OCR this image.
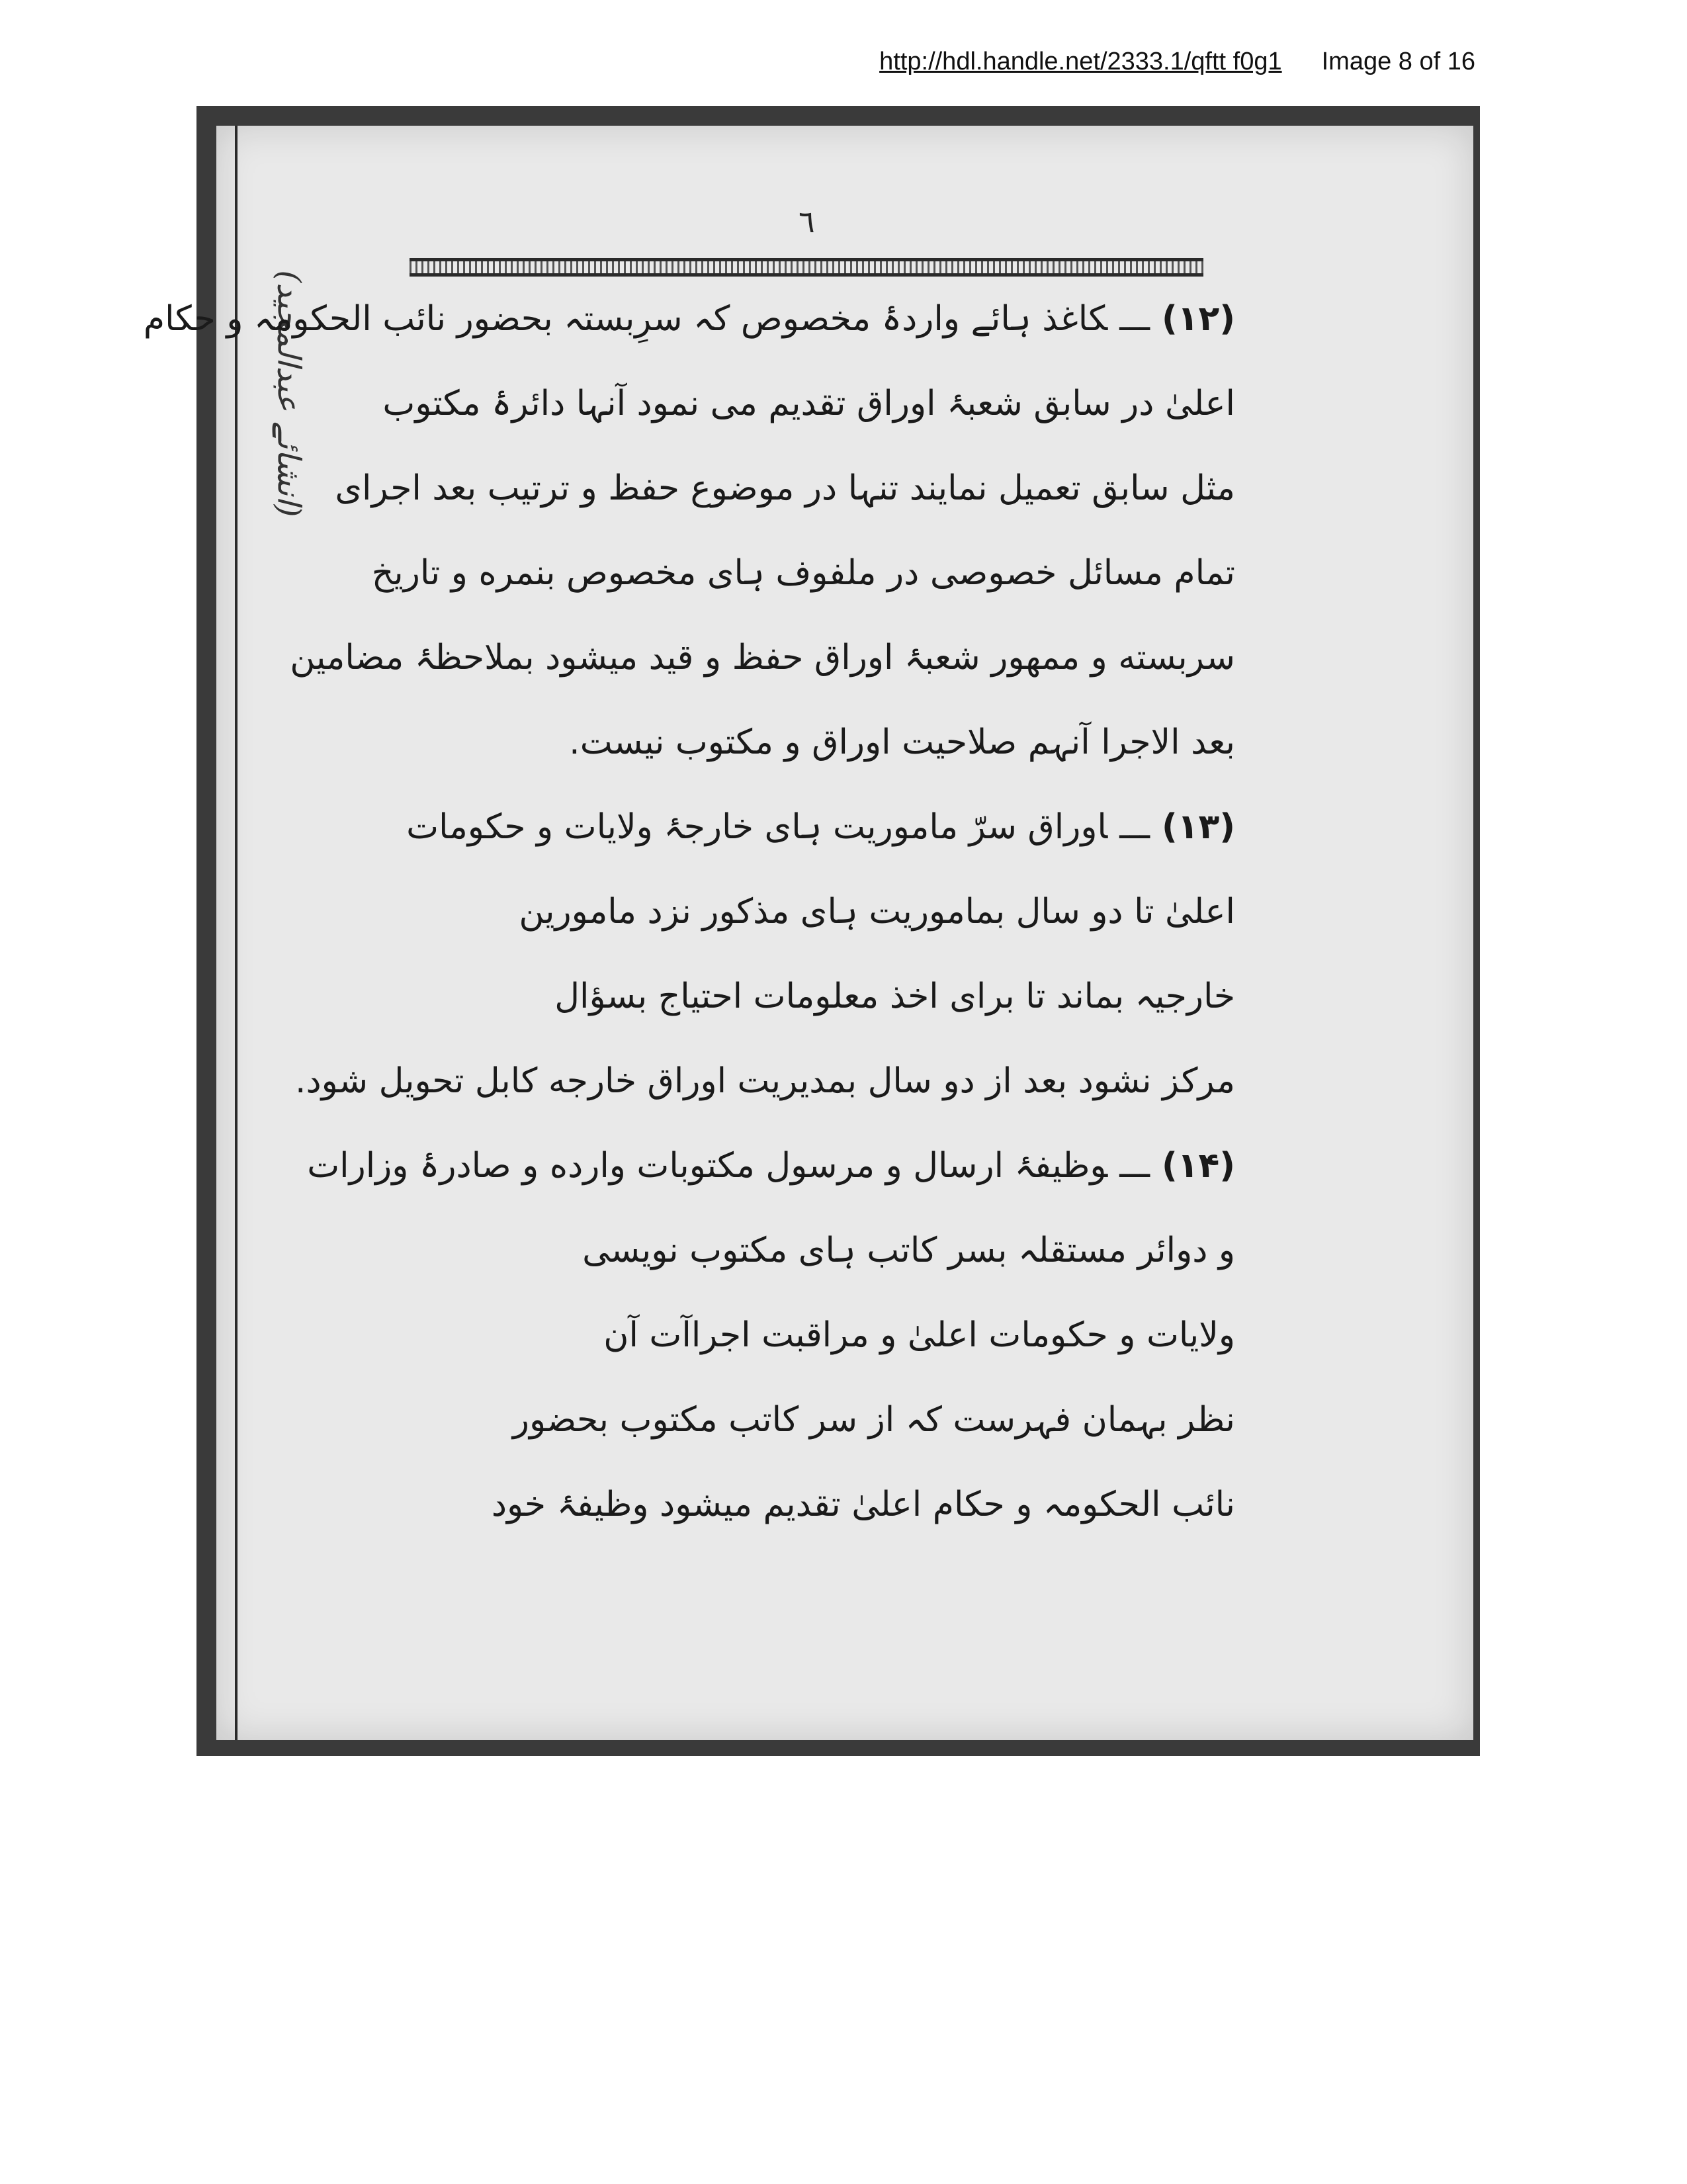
http://hdl.handle.net/2333.1/qftt f0g1 Image 8 of 16
(انشائے عبدالمجید)
٦
(۱۲)ـــکاغذ ہائے واردۂ مخصوص کہ سرِبستہ بحضور نائب الحکومہ و حکام
اعلیٰ در سابق شعبۂ اوراق تقدیم می نمود آنہا دائرۂ مکتوب
مثل سابق تعمیل نمایند تنہا در موضوع حفظ و ترتیب بعد اجرای
تمام مسائل خصوصی در ملفوف ہای مخصوص بنمره و تاریخ
سربسته و ممهور شعبۂ اوراق حفظ و قید میشود بملاحظۂ مضامین
بعد الاجرا آنہم صلاحیت اوراق و مکتوب نیست.
(۱۳)ـــاوراق سرّ ماموریت ہای خارجۂ ولایات و حکومات
اعلیٰ تا دو سال بماموریت ہای مذکور نزد مامورین
خارجیہ بماند تا برای اخذ معلومات احتیاج بسؤال
مرکز نشود بعد از دو سال بمدیریت اوراق خارجه کابل تحویل شود.
(۱۴)ـــوظیفۂ ارسال و مرسول مکتوبات وارده و صادرۂ وزارات
و دوائر مستقلہ بسر کاتب ہای مکتوب نویسی
ولایات و حکومات اعلیٰ و مراقبت اجراآت آن
نظر بہمان فہرست کہ از سر کاتب مکتوب بحضور
نائب الحکومہ و حکام اعلیٰ تقدیم میشود وظیفۂ خود
